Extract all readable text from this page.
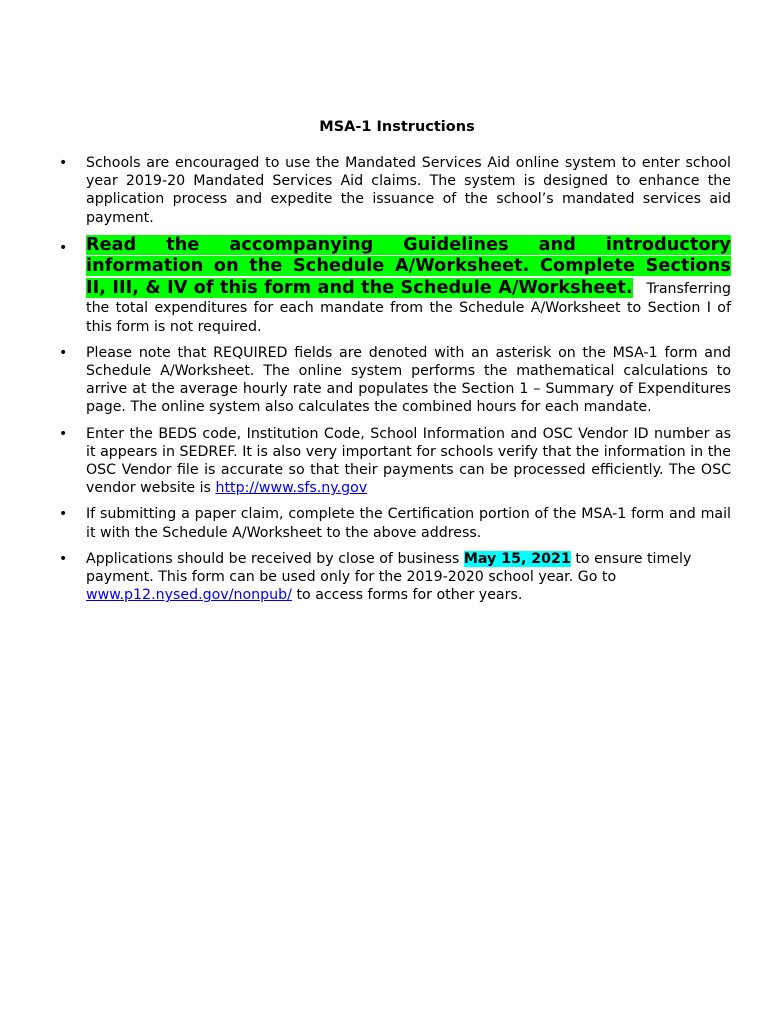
MSA-1 Instructions
• Schools are encouraged to use the Mandated Services Aid online system to enter school year 2019-20 Mandated Services Aid claims. The system is designed to enhance the application process and expedite the issuance of the school’s mandated services aid payment.
• Read the accompanying Guidelines and introductory information on the Schedule A/Worksheet. Complete Sections II, III, & IV of this form and the Schedule A/Worksheet. Transferring the total expenditures for each mandate from the Schedule A/Worksheet to Section I of this form is not required.
• Please note that REQUIRED fields are denoted with an asterisk on the MSA-1 form and Schedule A/Worksheet. The online system performs the mathematical calculations to arrive at the average hourly rate and populates the Section 1 – Summary of Expenditures page. The online system also calculates the combined hours for each mandate.
• Enter the BEDS code, Institution Code, School Information and OSC Vendor ID number as it appears in SEDREF. It is also very important for schools verify that the information in the OSC Vendor file is accurate so that their payments can be processed efficiently. The OSC vendor website is http://www.sfs.ny.gov
• If submitting a paper claim, complete the Certification portion of the MSA-1 form and mail it with the Schedule A/Worksheet to the above address.
• Applications should be received by close of business May 15, 2021 to ensure timely payment. This form can be used only for the 2019-2020 school year. Go to www.p12.nysed.gov/nonpub/ to access forms for other years.
